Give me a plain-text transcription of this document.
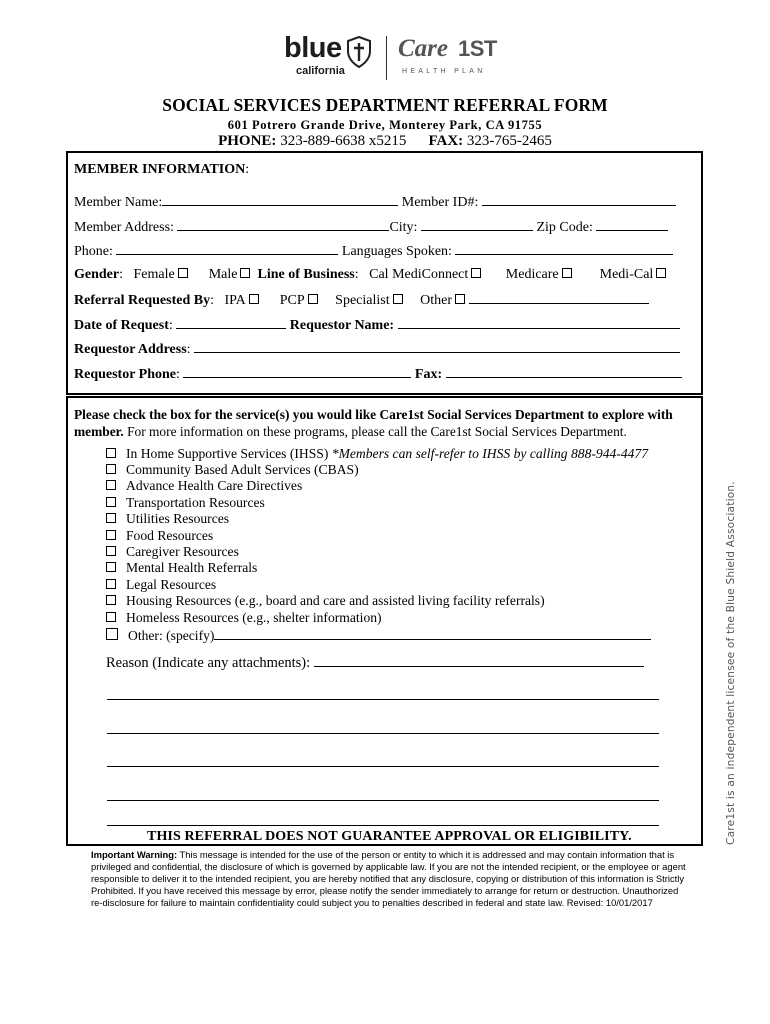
blue
california
Care 1ST
HEALTH PLAN
SOCIAL SERVICES DEPARTMENT REFERRAL FORM
601 Potrero Grande Drive, Monterey Park, CA 91755
PHONE: 323-889-6638 x5215 FAX: 323-765-2465
MEMBER INFORMATION:
Member Name:	Member ID#:
Member Address:	City:	Zip Code:
Phone:	Languages Spoken:
Gender:   Female Male Line of Business:   Cal MediConnect	Medicare	Medi-Cal
Referral Requested By:   IPA PCP Specialist Other
Date of Request:	Requestor Name:
Requestor Address:
Requestor Phone:	Fax:
Please check the box for the service(s) you would like Care1st Social Services Department to explore with member. For more information on these programs, please call the Care1st Social Services Department.
In Home Supportive Services (IHSS) *Members can self-refer to IHSS by calling 888-944-4477
Community Based Adult Services (CBAS)
Advance Health Care Directives
Transportation Resources
Utilities Resources
Food Resources
Caregiver Resources
Mental Health Referrals
Legal Resources
Housing Resources (e.g., board and care and assisted living facility referrals)
Homeless Resources (e.g., shelter information)
Other: (specify)
Reason (Indicate any attachments):
THIS REFERRAL DOES NOT GUARANTEE APPROVAL OR ELIGIBILITY.
Important Warning: This message is intended for the use of the person or entity to which it is addressed and may contain information that is privileged and confidential, the disclosure of which is governed by applicable law. If you are not the intended recipient, or the employee or agent responsible to deliver it to the intended recipient, you are hereby notified that any disclosure, copying or distribution of this information is Strictly Prohibited. If you have received this message by error, please notify the sender immediately to arrange for return or destruction. Unauthorized re-disclosure for failure to maintain confidentiality could subject you to penalties described in federal and state law. Revised: 10/01/2017
Care1st is an independent licensee of the Blue Shield Association.
